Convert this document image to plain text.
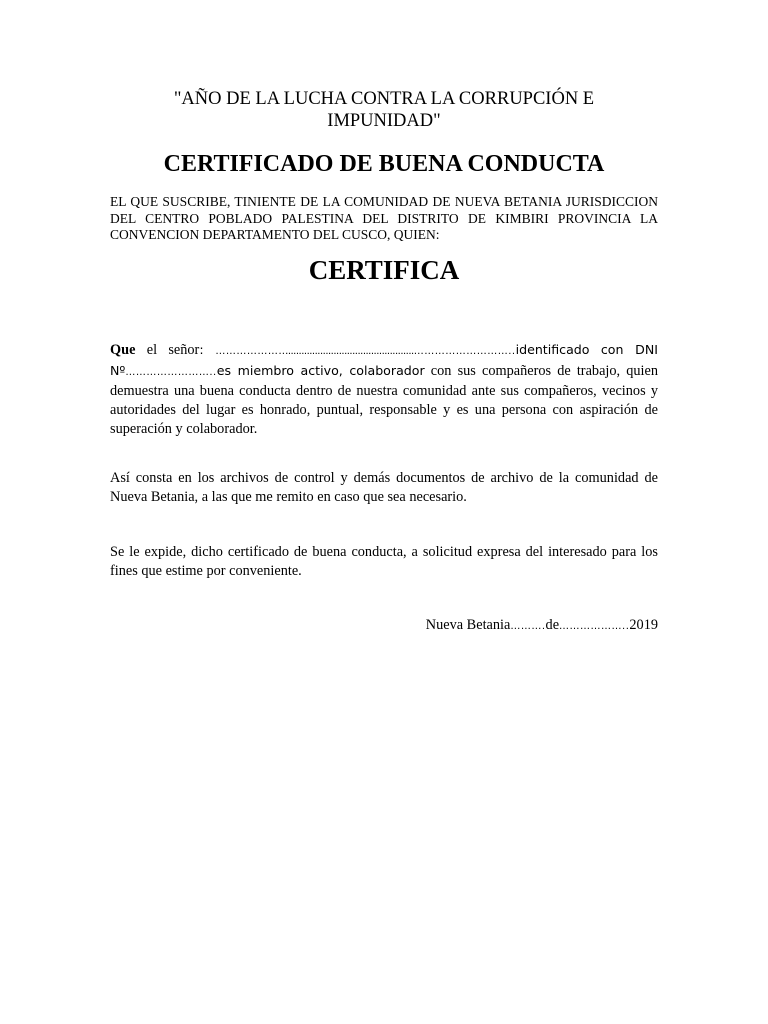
"AÑO DE LA LUCHA CONTRA LA CORRUPCIÓN E
IMPUNIDAD"
CERTIFICADO DE BUENA CONDUCTA
EL QUE SUSCRIBE, TINIENTE DE LA COMUNIDAD DE NUEVA BETANIA JURISDICCION DEL CENTRO POBLADO PALESTINA DEL DISTRITO DE KIMBIRI PROVINCIA LA CONVENCION DEPARTAMENTO DEL CUSCO, QUIEN:
CERTIFICA
Que el señor: …………………...............................................………………………..identificado con DNI Nº……………………..es miembro activo, colaborador con sus compañeros de trabajo, quien demuestra una buena conducta dentro de nuestra comunidad ante sus compañeros, vecinos y autoridades del lugar es honrado, puntual, responsable y es una persona con aspiración de superación y colaborador.
Así consta en los archivos de control y demás documentos de archivo de la comunidad de Nueva Betania, a las que me remito en caso que sea necesario.
Se le expide, dicho certificado de buena conducta, a solicitud expresa del interesado para los fines que estime por conveniente.
Nueva Betania……….de………………..2019
